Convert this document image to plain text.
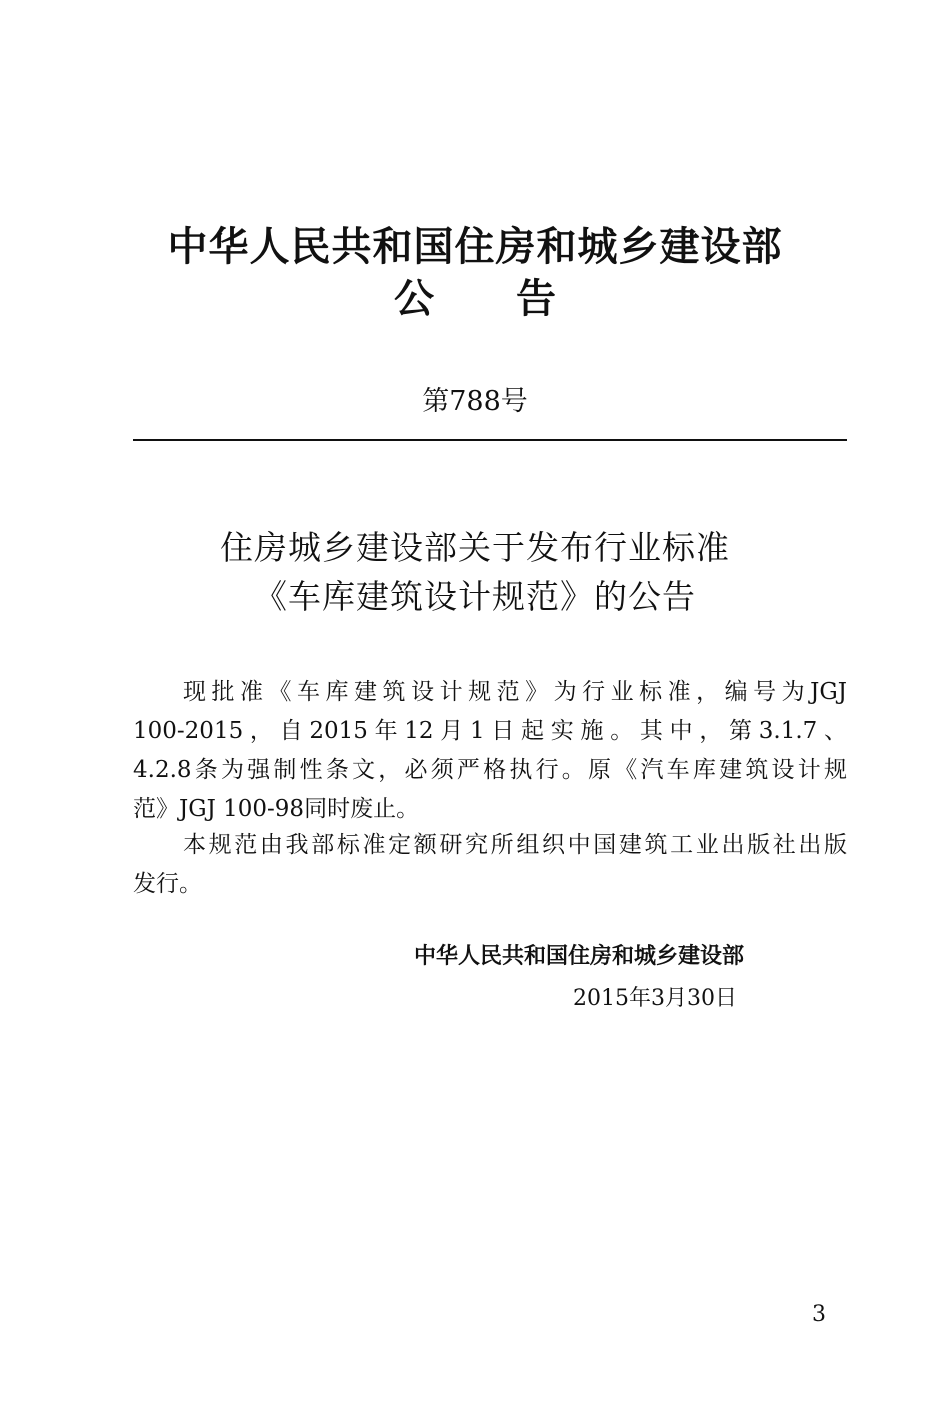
中华人民共和国住房和城乡建设部
公 告
第788号
住房城乡建设部关于发布行业标准
《车库建筑设计规范》的公告
现批准《车库建筑设计规范》为行业标准，编号为JGJ
100-2015，自2015年12月1日起实施。其中，第3.1.7、
4.2.8条为强制性条文，必须严格执行。原《汽车库建筑设计规
范》JGJ 100-98同时废止。
本规范由我部标准定额研究所组织中国建筑工业出版社出版
发行。
中华人民共和国住房和城乡建设部
2015年3月30日
3
